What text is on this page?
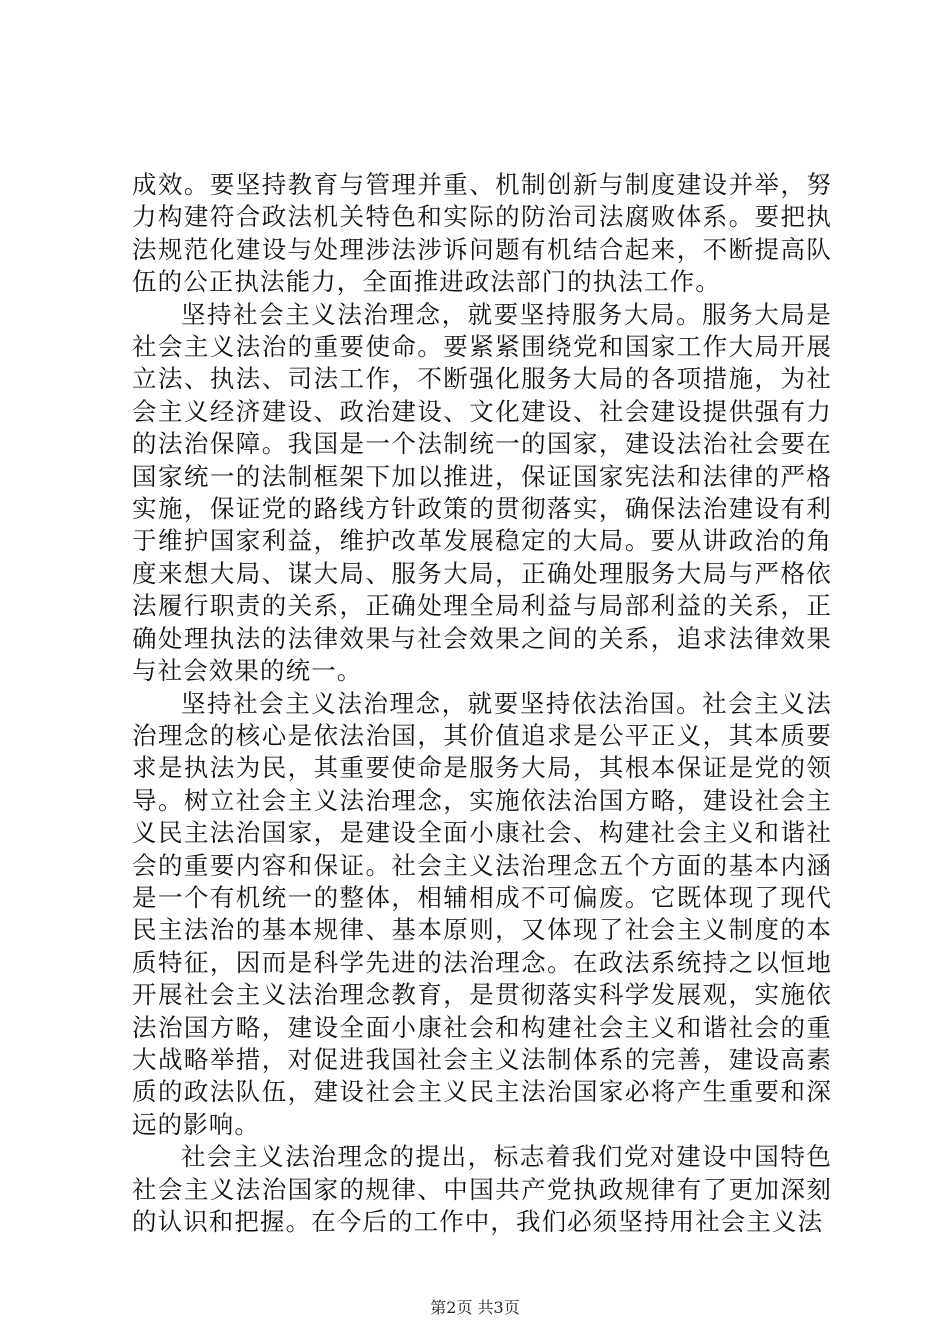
成效。要坚持教育与管理并重、机制创新与制度建设并举，努力构建符合政法机关特色和实际的防治司法腐败体系。要把执法规范化建设与处理涉法涉诉问题有机结合起来，不断提高队伍的公正执法能力，全面推进政法部门的执法工作。

坚持社会主义法治理念，就要坚持服务大局。服务大局是社会主义法治的重要使命。要紧紧围绕党和国家工作大局开展立法、执法、司法工作，不断强化服务大局的各项措施，为社会主义经济建设、政治建设、文化建设、社会建设提供强有力的法治保障。我国是一个法制统一的国家，建设法治社会要在国家统一的法制框架下加以推进，保证国家宪法和法律的严格实施，保证党的路线方针政策的贯彻落实，确保法治建设有利于维护国家利益，维护改革发展稳定的大局。要从讲政治的角度来想大局、谋大局、服务大局，正确处理服务大局与严格依法履行职责的关系，正确处理全局利益与局部利益的关系，正确处理执法的法律效果与社会效果之间的关系，追求法律效果与社会效果的统一。

坚持社会主义法治理念，就要坚持依法治国。社会主义法治理念的核心是依法治国，其价值追求是公平正义，其本质要求是执法为民，其重要使命是服务大局，其根本保证是党的领导。树立社会主义法治理念，实施依法治国方略，建设社会主义民主法治国家，是建设全面小康社会、构建社会主义和谐社会的重要内容和保证。社会主义法治理念五个方面的基本内涵是一个有机统一的整体，相辅相成不可偏废。它既体现了现代民主法治的基本规律、基本原则，又体现了社会主义制度的本质特征，因而是科学先进的法治理念。在政法系统持之以恒地开展社会主义法治理念教育，是贯彻落实科学发展观，实施依法治国方略，建设全面小康社会和构建社会主义和谐社会的重大战略举措，对促进我国社会主义法制体系的完善，建设高素质的政法队伍，建设社会主义民主法治国家必将产生重要和深远的影响。

社会主义法治理念的提出，标志着我们党对建设中国特色社会主义法治国家的规律、中国共产党执政规律有了更加深刻的认识和把握。在今后的工作中，我们必须坚持用社会主义法

第2页 共3页
